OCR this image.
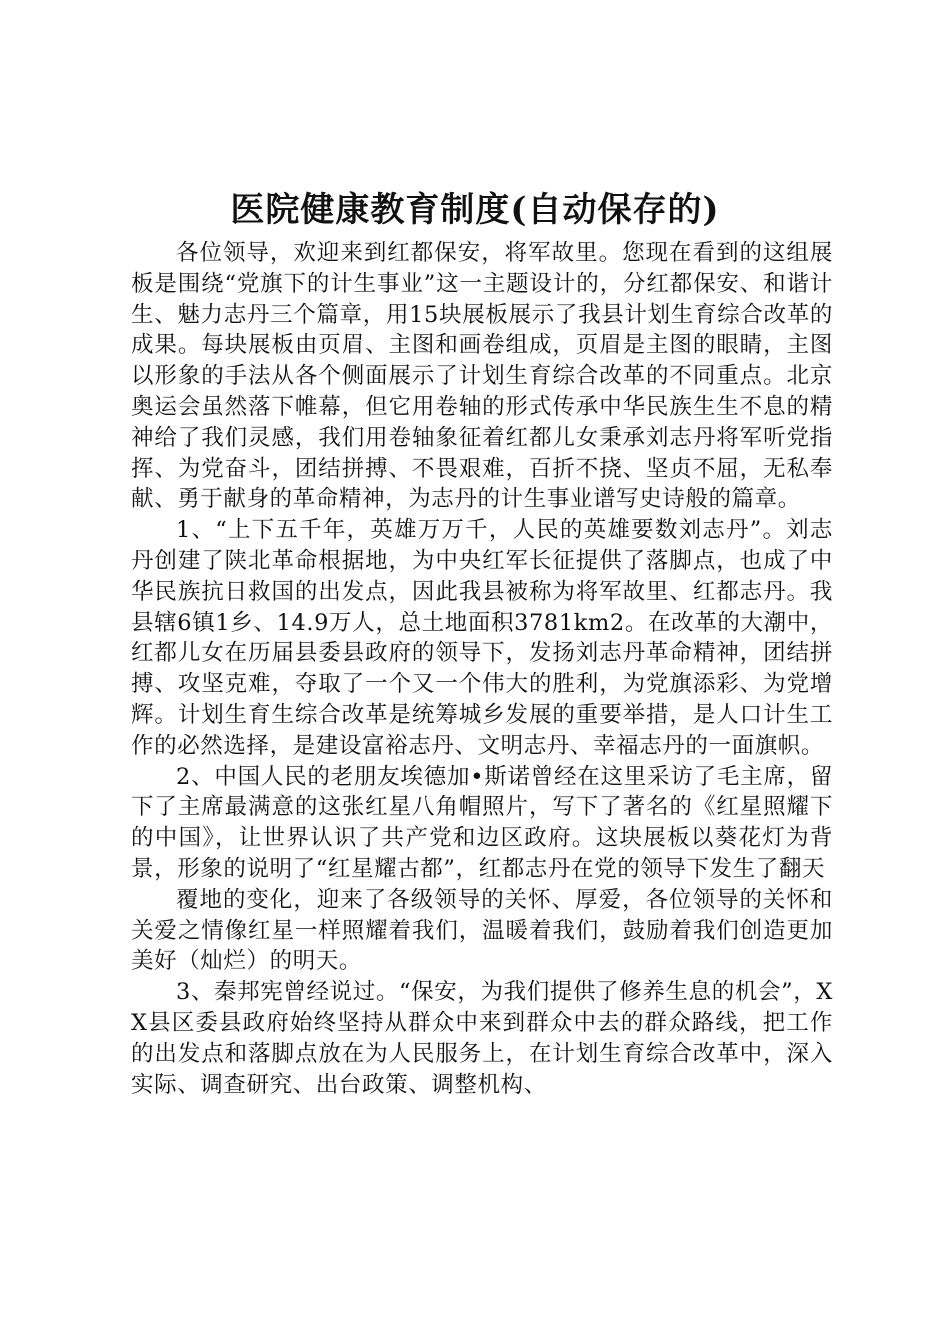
医院健康教育制度(自动保存的)

各位领导，欢迎来到红都保安，将军故里。您现在看到的这组展板是围绕“党旗下的计生事业”这一主题设计的，分红都保安、和谐计生、魅力志丹三个篇章，用15块展板展示了我县计划生育综合改革的成果。每块展板由页眉、主图和画卷组成，页眉是主图的眼睛，主图以形象的手法从各个侧面展示了计划生育综合改革的不同重点。北京奥运会虽然落下帷幕，但它用卷轴的形式传承中华民族生生不息的精神给了我们灵感，我们用卷轴象征着红都儿女秉承刘志丹将军听党指挥、为党奋斗，团结拼搏、不畏艰难，百折不挠、坚贞不屈，无私奉献、勇于献身的革命精神，为志丹的计生事业谱写史诗般的篇章。

1、“上下五千年，英雄万万千，人民的英雄要数刘志丹”。刘志丹创建了陕北革命根据地，为中央红军长征提供了落脚点，也成了中华民族抗日救国的出发点，因此我县被称为将军故里、红都志丹。我县辖6镇1乡、14.9万人，总土地面积3781km2。在改革的大潮中，红都儿女在历届县委县政府的领导下，发扬刘志丹革命精神，团结拼搏、攻坚克难，夺取了一个又一个伟大的胜利，为党旗添彩、为党增辉。计划生育生综合改革是统筹城乡发展的重要举措，是人口计生工作的必然选择，是建设富裕志丹、文明志丹、幸福志丹的一面旗帜。

2、中国人民的老朋友埃德加•斯诺曾经在这里采访了毛主席，留下了主席最满意的这张红星八角帽照片，写下了著名的《红星照耀下的中国》，让世界认识了共产党和边区政府。这块展板以葵花灯为背景，形象的说明了“红星耀古都”，红都志丹在党的领导下发生了翻天

覆地的变化，迎来了各级领导的关怀、厚爱，各位领导的关怀和关爱之情像红星一样照耀着我们，温暖着我们，鼓励着我们创造更加美好（灿烂）的明天。

3、秦邦宪曾经说过。“保安，为我们提供了修养生息的机会”，XX县区委县政府始终坚持从群众中来到群众中去的群众路线，把工作的出发点和落脚点放在为人民服务上，在计划生育综合改革中，深入实际、调查研究、出台政策、调整机构、
